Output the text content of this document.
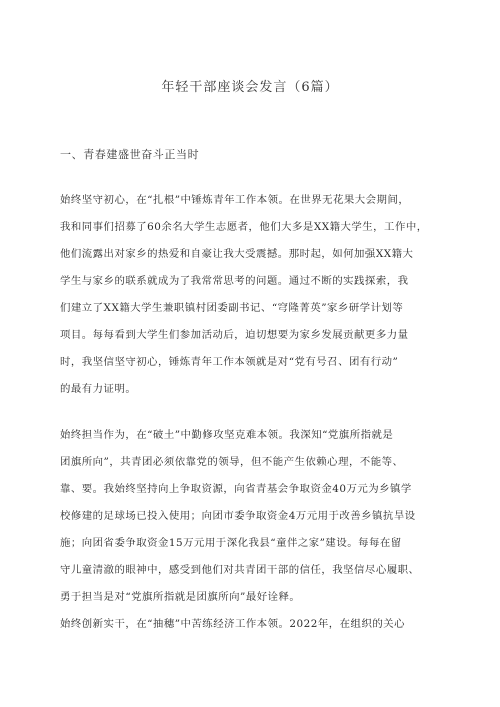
年轻干部座谈会发言（6篇）
一、青春建盛世奋斗正当时
始终坚守初心，在“扎根”中锤炼青年工作本领。在世界无花果大会期间，
我和同事们招募了60余名大学生志愿者，他们大多是XX籍大学生，工作中，
他们流露出对家乡的热爱和自豪让我大受震撼。那时起，如何加强XX籍大
学生与家乡的联系就成为了我常常思考的问题。通过不断的实践探索，我
们建立了XX籍大学生兼职镇村团委副书记、“穹隆菁英”家乡研学计划等
项目。每每看到大学生们参加活动后，迫切想要为家乡发展贡献更多力量
时，我坚信坚守初心，锤炼青年工作本领就是对“党有号召、团有行动”
的最有力证明。
始终担当作为，在“破土”中勤修攻坚克难本领。我深知“党旗所指就是
团旗所向”，共青团必须依靠党的领导，但不能产生依赖心理，不能等、
靠、要。我始终坚持向上争取资源，向省青基会争取资金40万元为乡镇学
校修建的足球场已投入使用；向团市委争取资金4万元用于改善乡镇抗旱设
施；向团省委争取资金15万元用于深化我县“童伴之家”建设。每每在留
守儿童清澈的眼神中，感受到他们对共青团干部的信任，我坚信尽心履职、
勇于担当是对“党旗所指就是团旗所向”最好诠释。
始终创新实干，在“抽穗”中苦练经济工作本领。2022年，在组织的关心
